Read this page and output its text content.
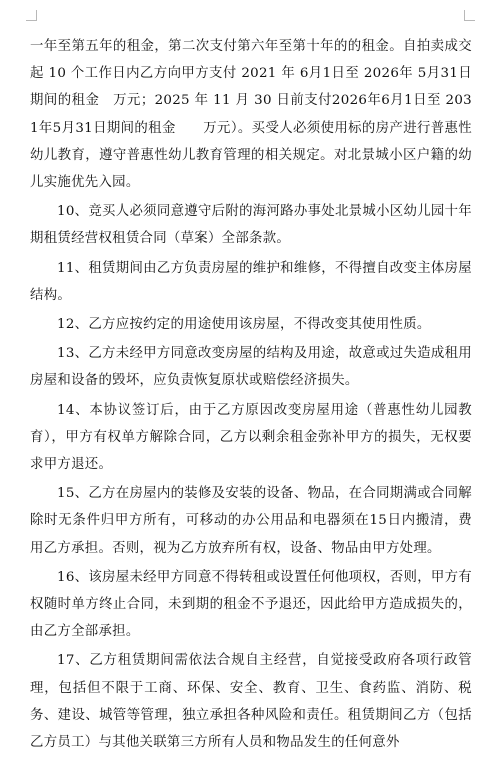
一年至第五年的租金，第二次支付第六年至第十年的的租金。自拍卖成交起 10 个工作日内乙方向甲方支付 2021 年 6月1日至 2026年 5月31日期间的租金　万元；2025 年 11 月 30 日前支付2026年6月1日至 2031年5月31日期间的租金　　万元）。买受人必须使用标的房产进行普惠性幼儿教育，遵守普惠性幼儿教育管理的相关规定。对北景城小区户籍的幼儿实施优先入园。

10、竞买人必须同意遵守后附的海河路办事处北景城小区幼儿园十年期租赁经营权租赁合同（草案）全部条款。

11、租赁期间由乙方负责房屋的维护和维修，不得擅自改变主体房屋结构。

12、乙方应按约定的用途使用该房屋，不得改变其使用性质。

13、乙方未经甲方同意改变房屋的结构及用途，故意或过失造成租用房屋和设备的毁坏，应负责恢复原状或赔偿经济损失。

14、本协议签订后，由于乙方原因改变房屋用途（普惠性幼儿园教育），甲方有权单方解除合同，乙方以剩余租金弥补甲方的损失，无权要求甲方退还。

15、乙方在房屋内的装修及安装的设备、物品，在合同期满或合同解除时无条件归甲方所有，可移动的办公用品和电器须在15日内搬清，费用乙方承担。否则，视为乙方放弃所有权，设备、物品由甲方处理。

16、该房屋未经甲方同意不得转租或设置任何他项权，否则，甲方有权随时单方终止合同，未到期的租金不予退还，因此给甲方造成损失的，由乙方全部承担。

17、乙方租赁期间需依法合规自主经营，自觉接受政府各项行政管理，包括但不限于工商、环保、安全、教育、卫生、食药监、消防、税务、建设、城管等管理，独立承担各种风险和责任。租赁期间乙方（包括乙方员工）与其他关联第三方所有人员和物品发生的任何意外
